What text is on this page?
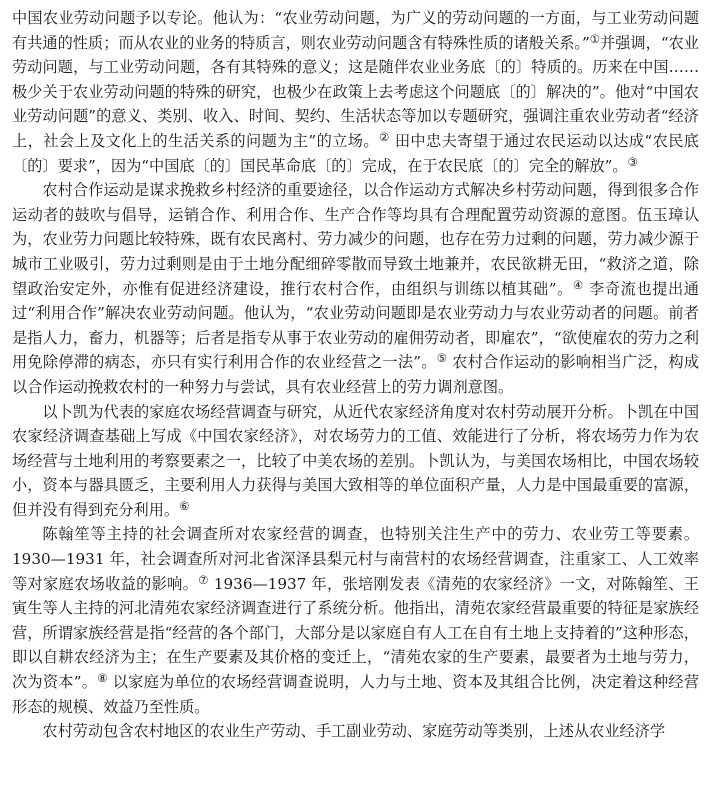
中国农业劳动问题予以专论。他认为：“农业劳动问题，为广义的劳动问题的一方面，与工业劳动问题有共通的性质；而从农业的业务的特质言，则农业劳动问题含有特殊性质的诸般关系。”①并强调，“农业劳动问题，与工业劳动问题，各有其特殊的意义；这是随伴农业业务底〔的〕特质的。历来在中国……极少关于农业劳动问题的特殊的研究，也极少在政策上去考虑这个问题底〔的〕解决的”。他对“中国农业劳动问题”的意义、类别、收入、时间、契约、生活状态等加以专题研究，强调注重农业劳动者“经济上，社会上及文化上的生活关系的问题为主”的立场。② 田中忠夫寄望于通过农民运动以达成“农民底〔的〕要求”，因为“中国底〔的〕国民革命底〔的〕完成，在于农民底〔的〕完全的解放”。③

农村合作运动是谋求挽救乡村经济的重要途径，以合作运动方式解决乡村劳动问题，得到很多合作运动者的鼓吹与倡导，运销合作、利用合作、生产合作等均具有合理配置劳动资源的意图。伍玉璋认为，农业劳力问题比较特殊，既有农民离村、劳力减少的问题，也存在劳力过剩的问题，劳力减少源于城市工业吸引，劳力过剩则是由于土地分配细碎零散而导致土地兼并，农民欲耕无田，“救济之道，除望政治安定外，亦惟有促进经济建设，推行农村合作，由组织与训练以植其础”。④ 李奇流也提出通过“利用合作”解决农业劳动问题。他认为，“农业劳动问题即是农业劳动力与农业劳动者的问题。前者是指人力，畜力，机器等；后者是指专从事于农业劳动的雇佣劳动者，即雇农”，“欲使雇农的劳力之利用免除停滞的病态，亦只有实行利用合作的农业经营之一法”。⑤ 农村合作运动的影响相当广泛，构成以合作运动挽救农村的一种努力与尝试，具有农业经营上的劳力调剂意图。

以卜凯为代表的家庭农场经营调查与研究，从近代农家经济角度对农村劳动展开分析。卜凯在中国农家经济调查基础上写成《中国农家经济》，对农场劳力的工值、效能进行了分析，将农场劳力作为农场经营与土地利用的考察要素之一，比较了中美农场的差别。卜凯认为，与美国农场相比，中国农场较小，资本与器具匮乏，主要利用人力获得与美国大致相等的单位面积产量，人力是中国最重要的富源，但并没有得到充分利用。⑥

陈翰笙等主持的社会调查所对农家经营的调查，也特别关注生产中的劳力、农业劳工等要素。1930—1931 年，社会调查所对河北省深泽县梨元村与南营村的农场经营调查，注重家工、人工效率等对家庭农场收益的影响。⑦ 1936—1937 年，张培刚发表《清苑的农家经济》一文，对陈翰笙、王寅生等人主持的河北清苑农家经济调查进行了系统分析。他指出，清苑农家经营最重要的特征是家族经营，所谓家族经营是指“经营的各个部门，大部分是以家庭自有人工在自有土地上支持着的”这种形态，即以自耕农经济为主；在生产要素及其价格的变迁上，“清苑农家的生产要素，最要者为土地与劳力，次为资本”。⑧ 以家庭为单位的农场经营调查说明，人力与土地、资本及其组合比例，决定着这种经营形态的规模、效益乃至性质。

农村劳动包含农村地区的农业生产劳动、手工副业劳动、家庭劳动等类别，上述从农业经济学
